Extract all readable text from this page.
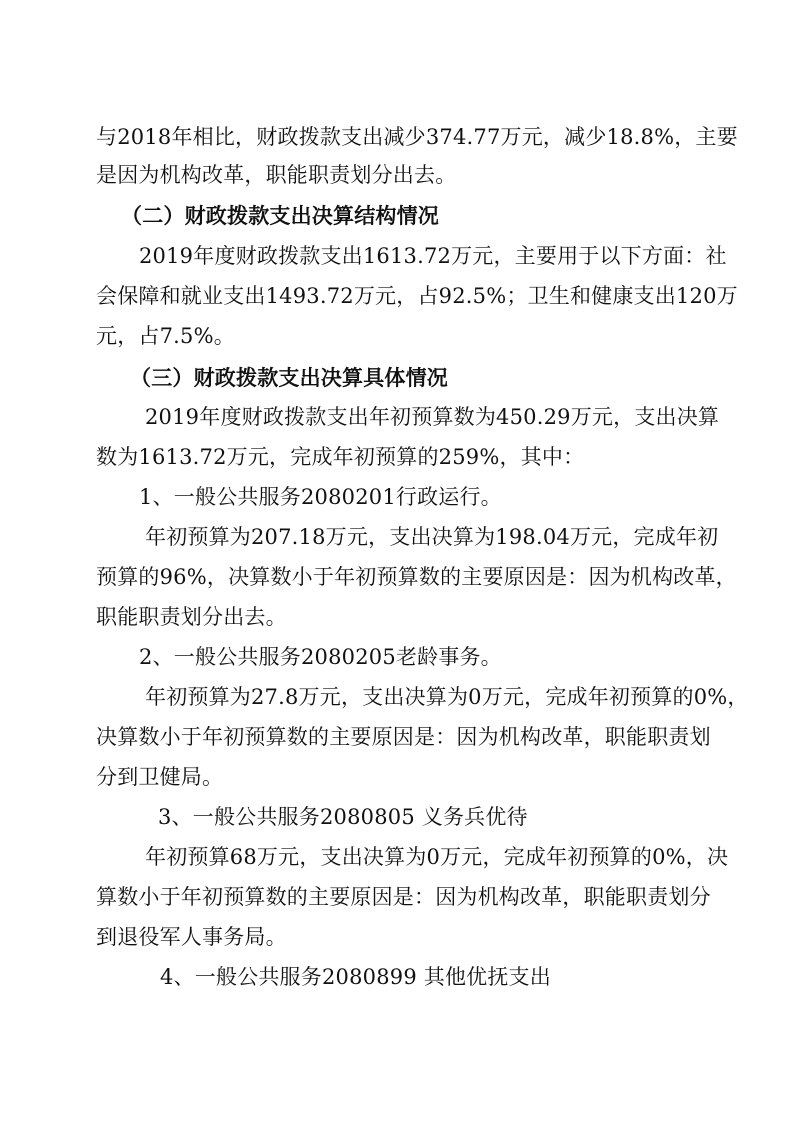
与2018年相比，财政拨款支出减少374.77万元，减少18.8%，主要
是因为机构改革，职能职责划分出去。
（二）财政拨款支出决算结构情况
2019年度财政拨款支出1613.72万元，主要用于以下方面：社
会保障和就业支出1493.72万元，占92.5%；卫生和健康支出120万
元，占7.5%。
（三）财政拨款支出决算具体情况
2019年度财政拨款支出年初预算数为450.29万元，支出决算
数为1613.72万元，完成年初预算的259%，其中：
1、一般公共服务2080201行政运行。
年初预算为207.18万元，支出决算为198.04万元，完成年初
预算的96%，决算数小于年初预算数的主要原因是：因为机构改革，
职能职责划分出去。
2、一般公共服务2080205老龄事务。
年初预算为27.8万元，支出决算为0万元，完成年初预算的0%，
决算数小于年初预算数的主要原因是：因为机构改革，职能职责划
分到卫健局。
3、一般公共服务2080805 义务兵优待
年初预算68万元，支出决算为0万元，完成年初预算的0%，决
算数小于年初预算数的主要原因是：因为机构改革，职能职责划分
到退役军人事务局。
4、一般公共服务2080899 其他优抚支出
